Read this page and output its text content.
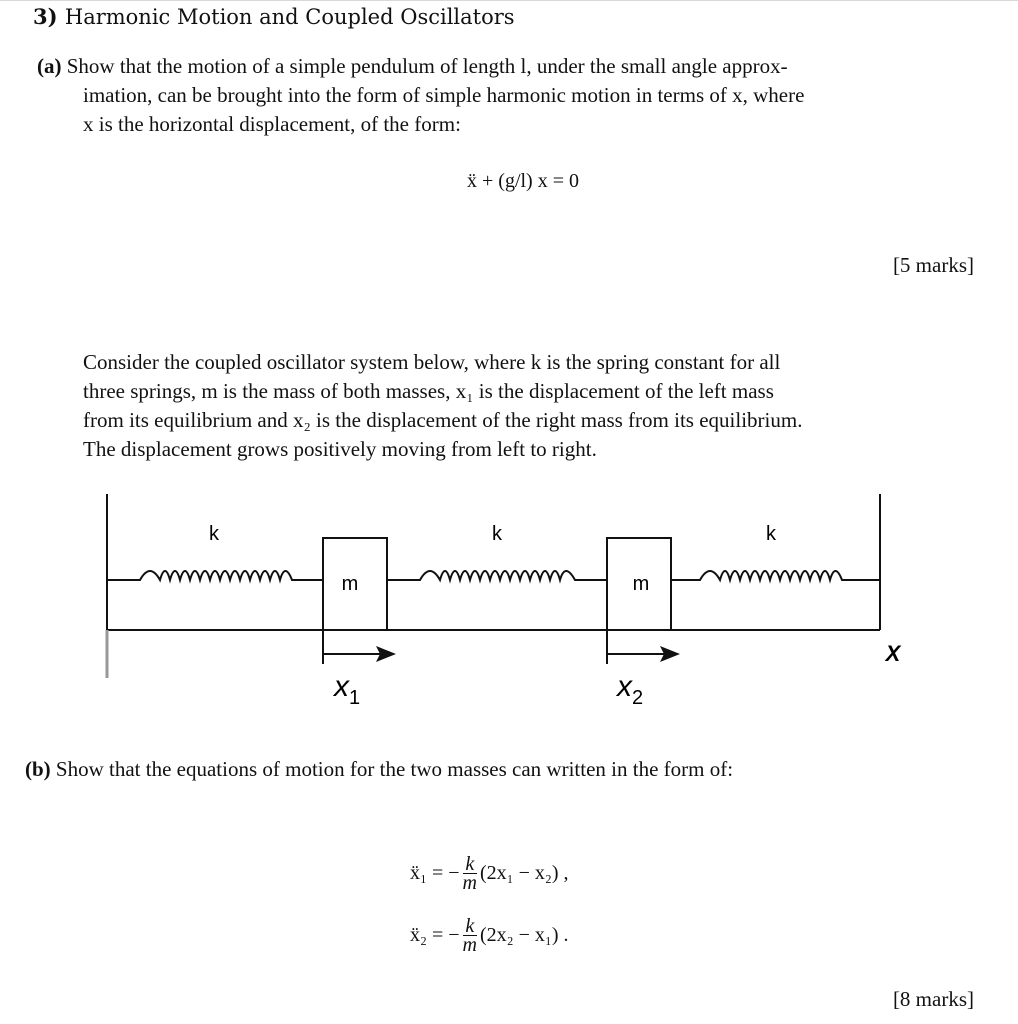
3) Harmonic Motion and Coupled Oscillators
(a) Show that the motion of a simple pendulum of length l, under the small angle approx-
imation, can be brought into the form of simple harmonic motion in terms of x, where
x is the horizontal displacement, of the form:
ẍ + (g/l) x = 0
[5 marks]
Consider the coupled oscillator system below, where k is the spring constant for all
three springs, m is the mass of both masses, x₁ is the displacement of the left mass
from its equilibrium and x₂ is the displacement of the right mass from its equilibrium.
The displacement grows positively moving from left to right.
k	k	k
m	m
$x_1$	$x_2$
X
(b) Show that the equations of motion for the two masses can written in the form of:
ẍ₁ = − $\frac{k}{m} (2x_1 - x_2)$ ,
ẍ₂ = − $\frac{k}{m} (2x_2 - x_1)$ .
[8 marks]
